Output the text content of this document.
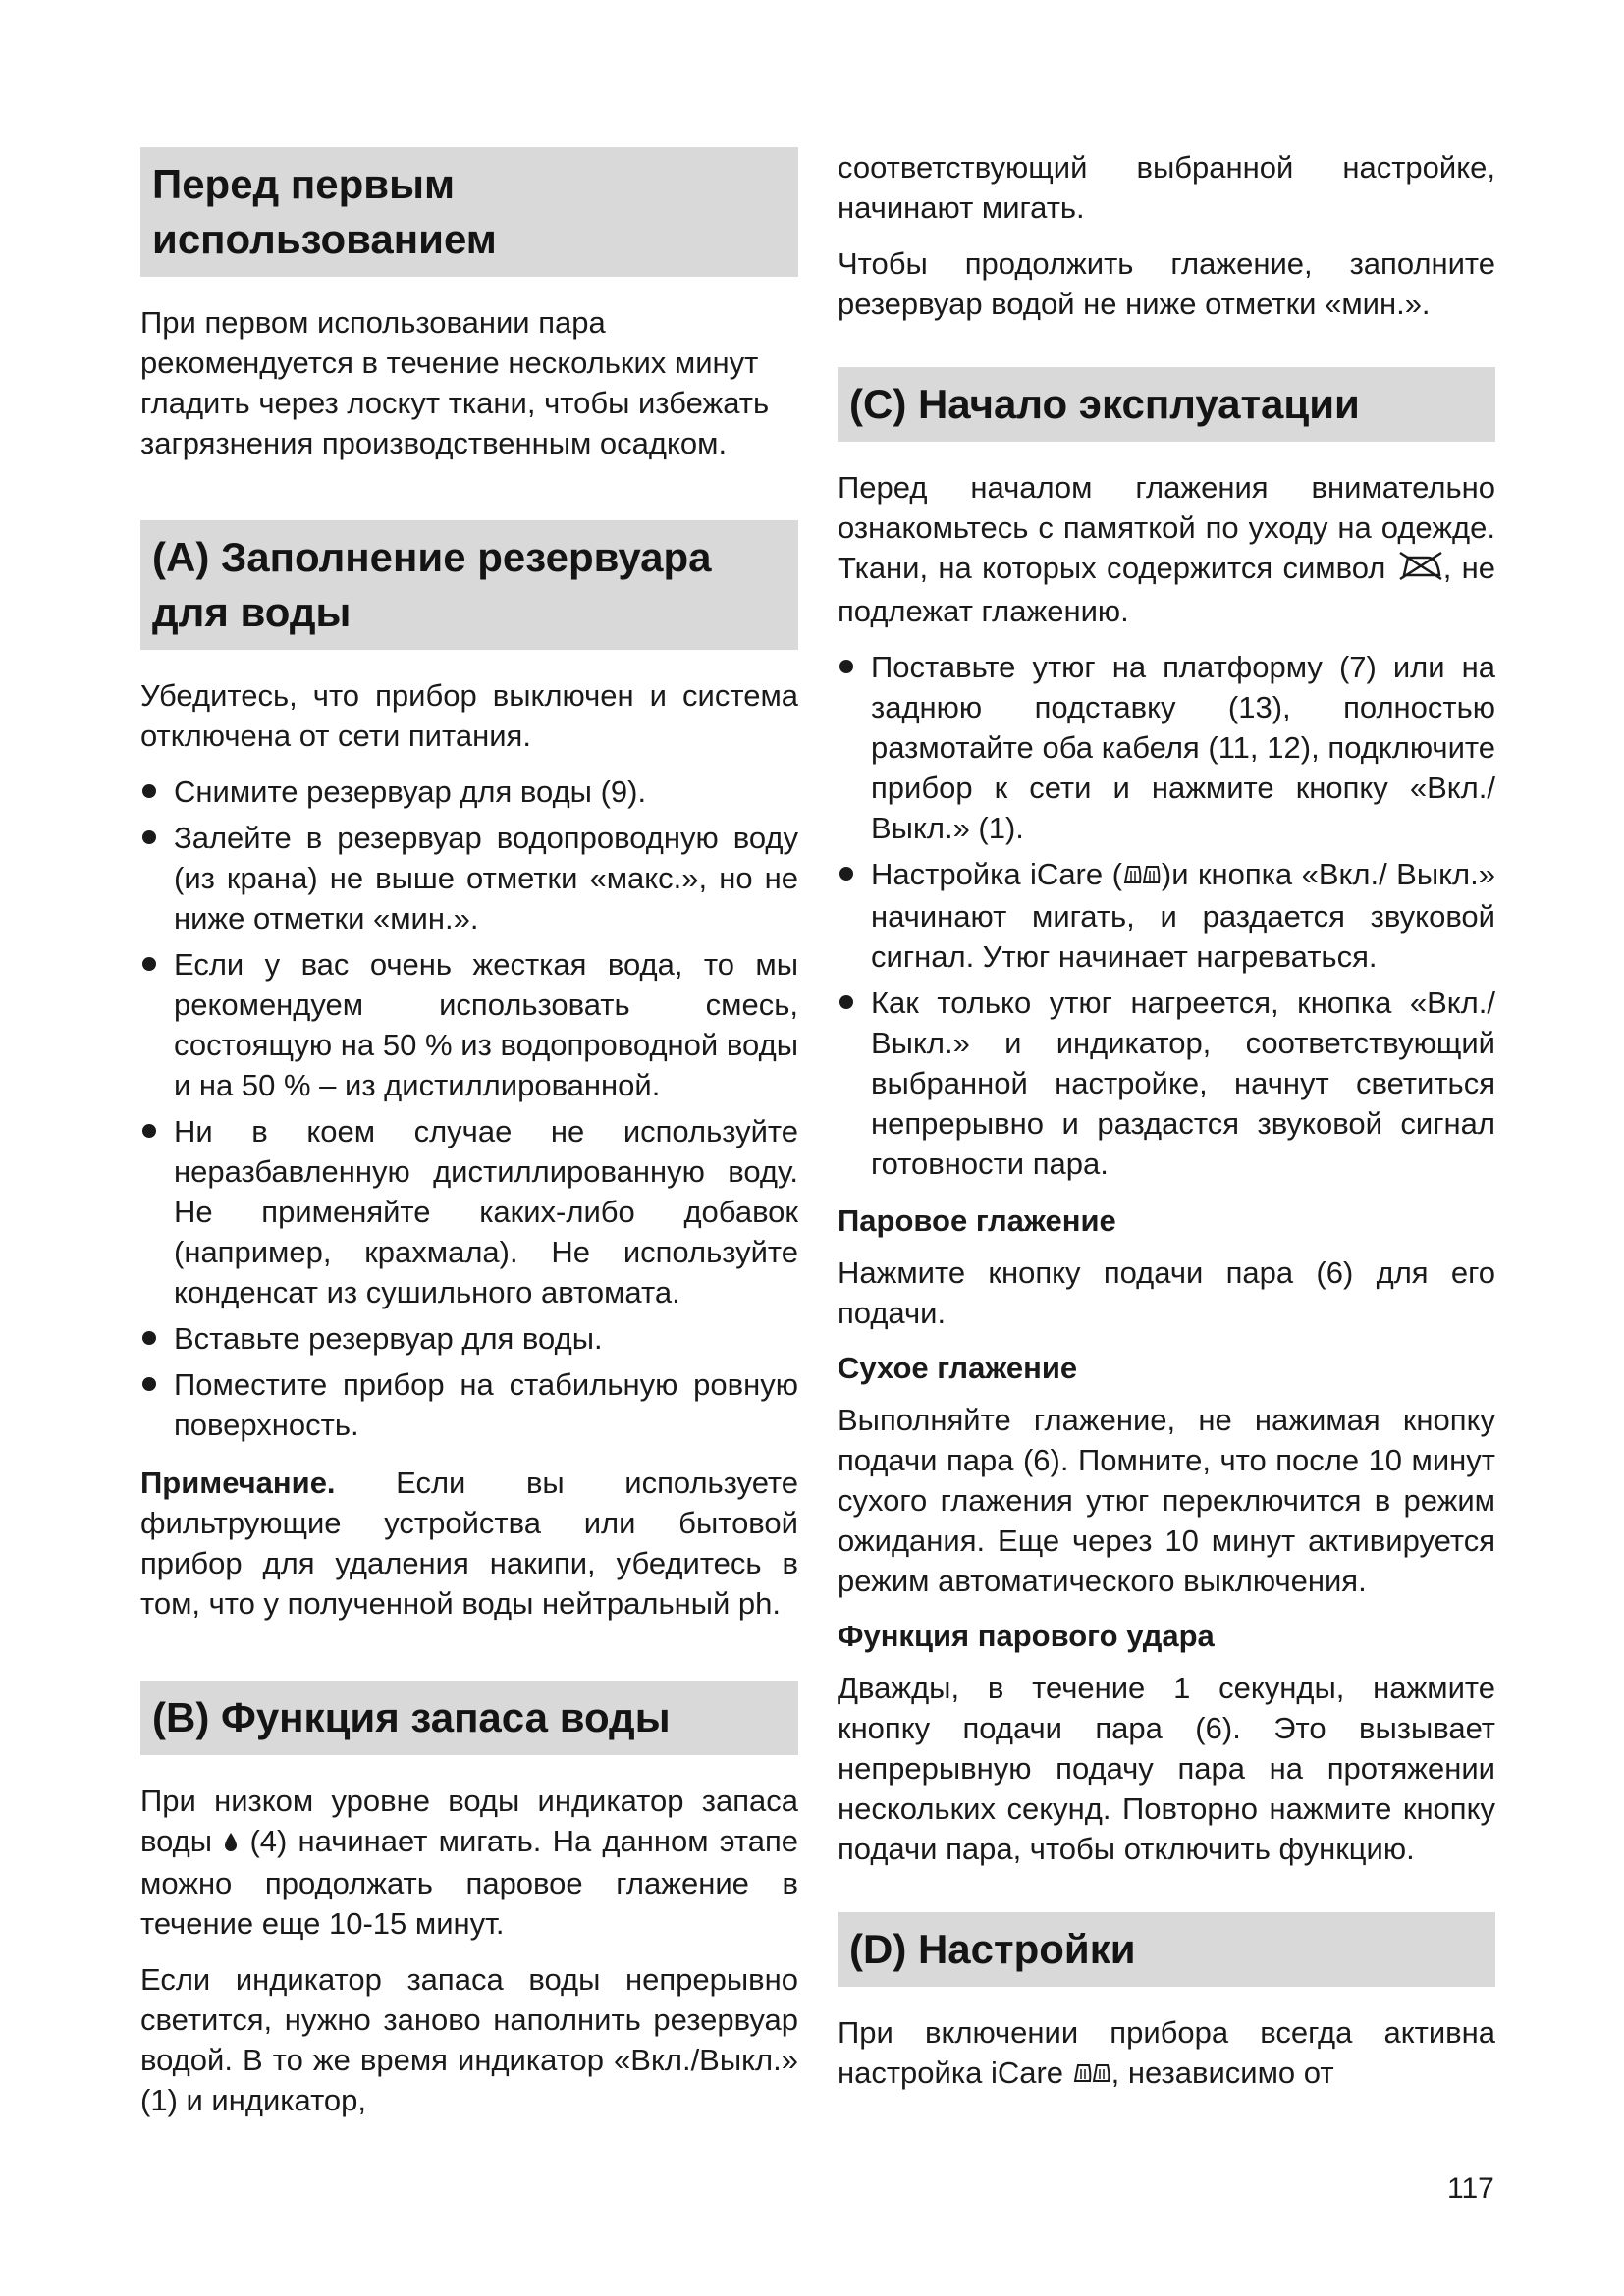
Перед первым использованием

При первом использовании пара рекомендуется в течение нескольких минут гладить через лоскут ткани, чтобы избежать загрязнения производственным осадком.

(A) Заполнение резервуара для воды

Убедитесь, что прибор выключен и система отключена от сети питания.

Снимите резервуар для воды (9).
Залейте в резервуар водопроводную воду (из крана) не выше отметки «макс.», но не ниже отметки «мин.».
Если у вас очень жесткая вода, то мы рекомендуем использовать смесь, состоящую на 50 % из водопроводной воды и на 50 % – из дистиллированной.
Ни в коем случае не используйте неразбавленную дистиллированную воду. Не применяйте каких-либо добавок (например, крахмала). Не используйте конденсат из сушильного автомата.
Вставьте резервуар для воды.
Поместите прибор на стабильную ровную поверхность.

Примечание. Если вы используете фильтрующие устройства или бытовой прибор для удаления накипи, убедитесь в том, что у полученной воды нейтральный ph.

(B) Функция запаса воды

При низком уровне воды индикатор запаса воды  (4) начинает мигать. На данном этапе можно продолжать паровое глажение в течение еще 10-15 минут.

Если индикатор запаса воды непрерывно светится, нужно заново наполнить резервуар водой. В то же время индикатор «Вкл./Выкл.» (1) и индикатор,

соответствующий выбранной настройке, начинают мигать.

Чтобы продолжить глажение, заполните резервуар водой не ниже отметки «мин.».

(C) Начало эксплуатации

Перед началом глажения внимательно ознакомьтесь с памяткой по уходу на одежде. Ткани, на которых содержится символ , не подлежат глажению.

Поставьте утюг на платформу (7) или на заднюю подставку (13), полностью размотайте оба кабеля (11, 12), подключите прибор к сети и нажмите кнопку «Вкл./Выкл.» (1).
Настройка iCare ( )и кнопка «Вкл./ Выкл.» начинают мигать, и раздается звуковой сигнал. Утюг начинает нагреваться.
Как только утюг нагреется, кнопка «Вкл./ Выкл.» и индикатор, соответствующий выбранной настройке, начнут светиться непрерывно и раздастся звуковой сигнал готовности пара.
Паровое глажение

Нажмите кнопку подачи пара (6) для его подачи.

Сухое глажение

Выполняйте глажение, не нажимая кнопку подачи пара (6). Помните, что после 10 минут сухого глажения утюг переключится в режим ожидания. Еще через 10 минут активируется режим автоматического выключения.

Функция парового удара

Дважды, в течение 1 секунды, нажмите кнопку подачи пара (6). Это вызывает непрерывную подачу пара на протяжении нескольких секунд. Повторно нажмите кнопку подачи пара, чтобы отключить функцию.

(D) Настройки

При включении прибора всегда активна настройка iCare , независимо от

117
